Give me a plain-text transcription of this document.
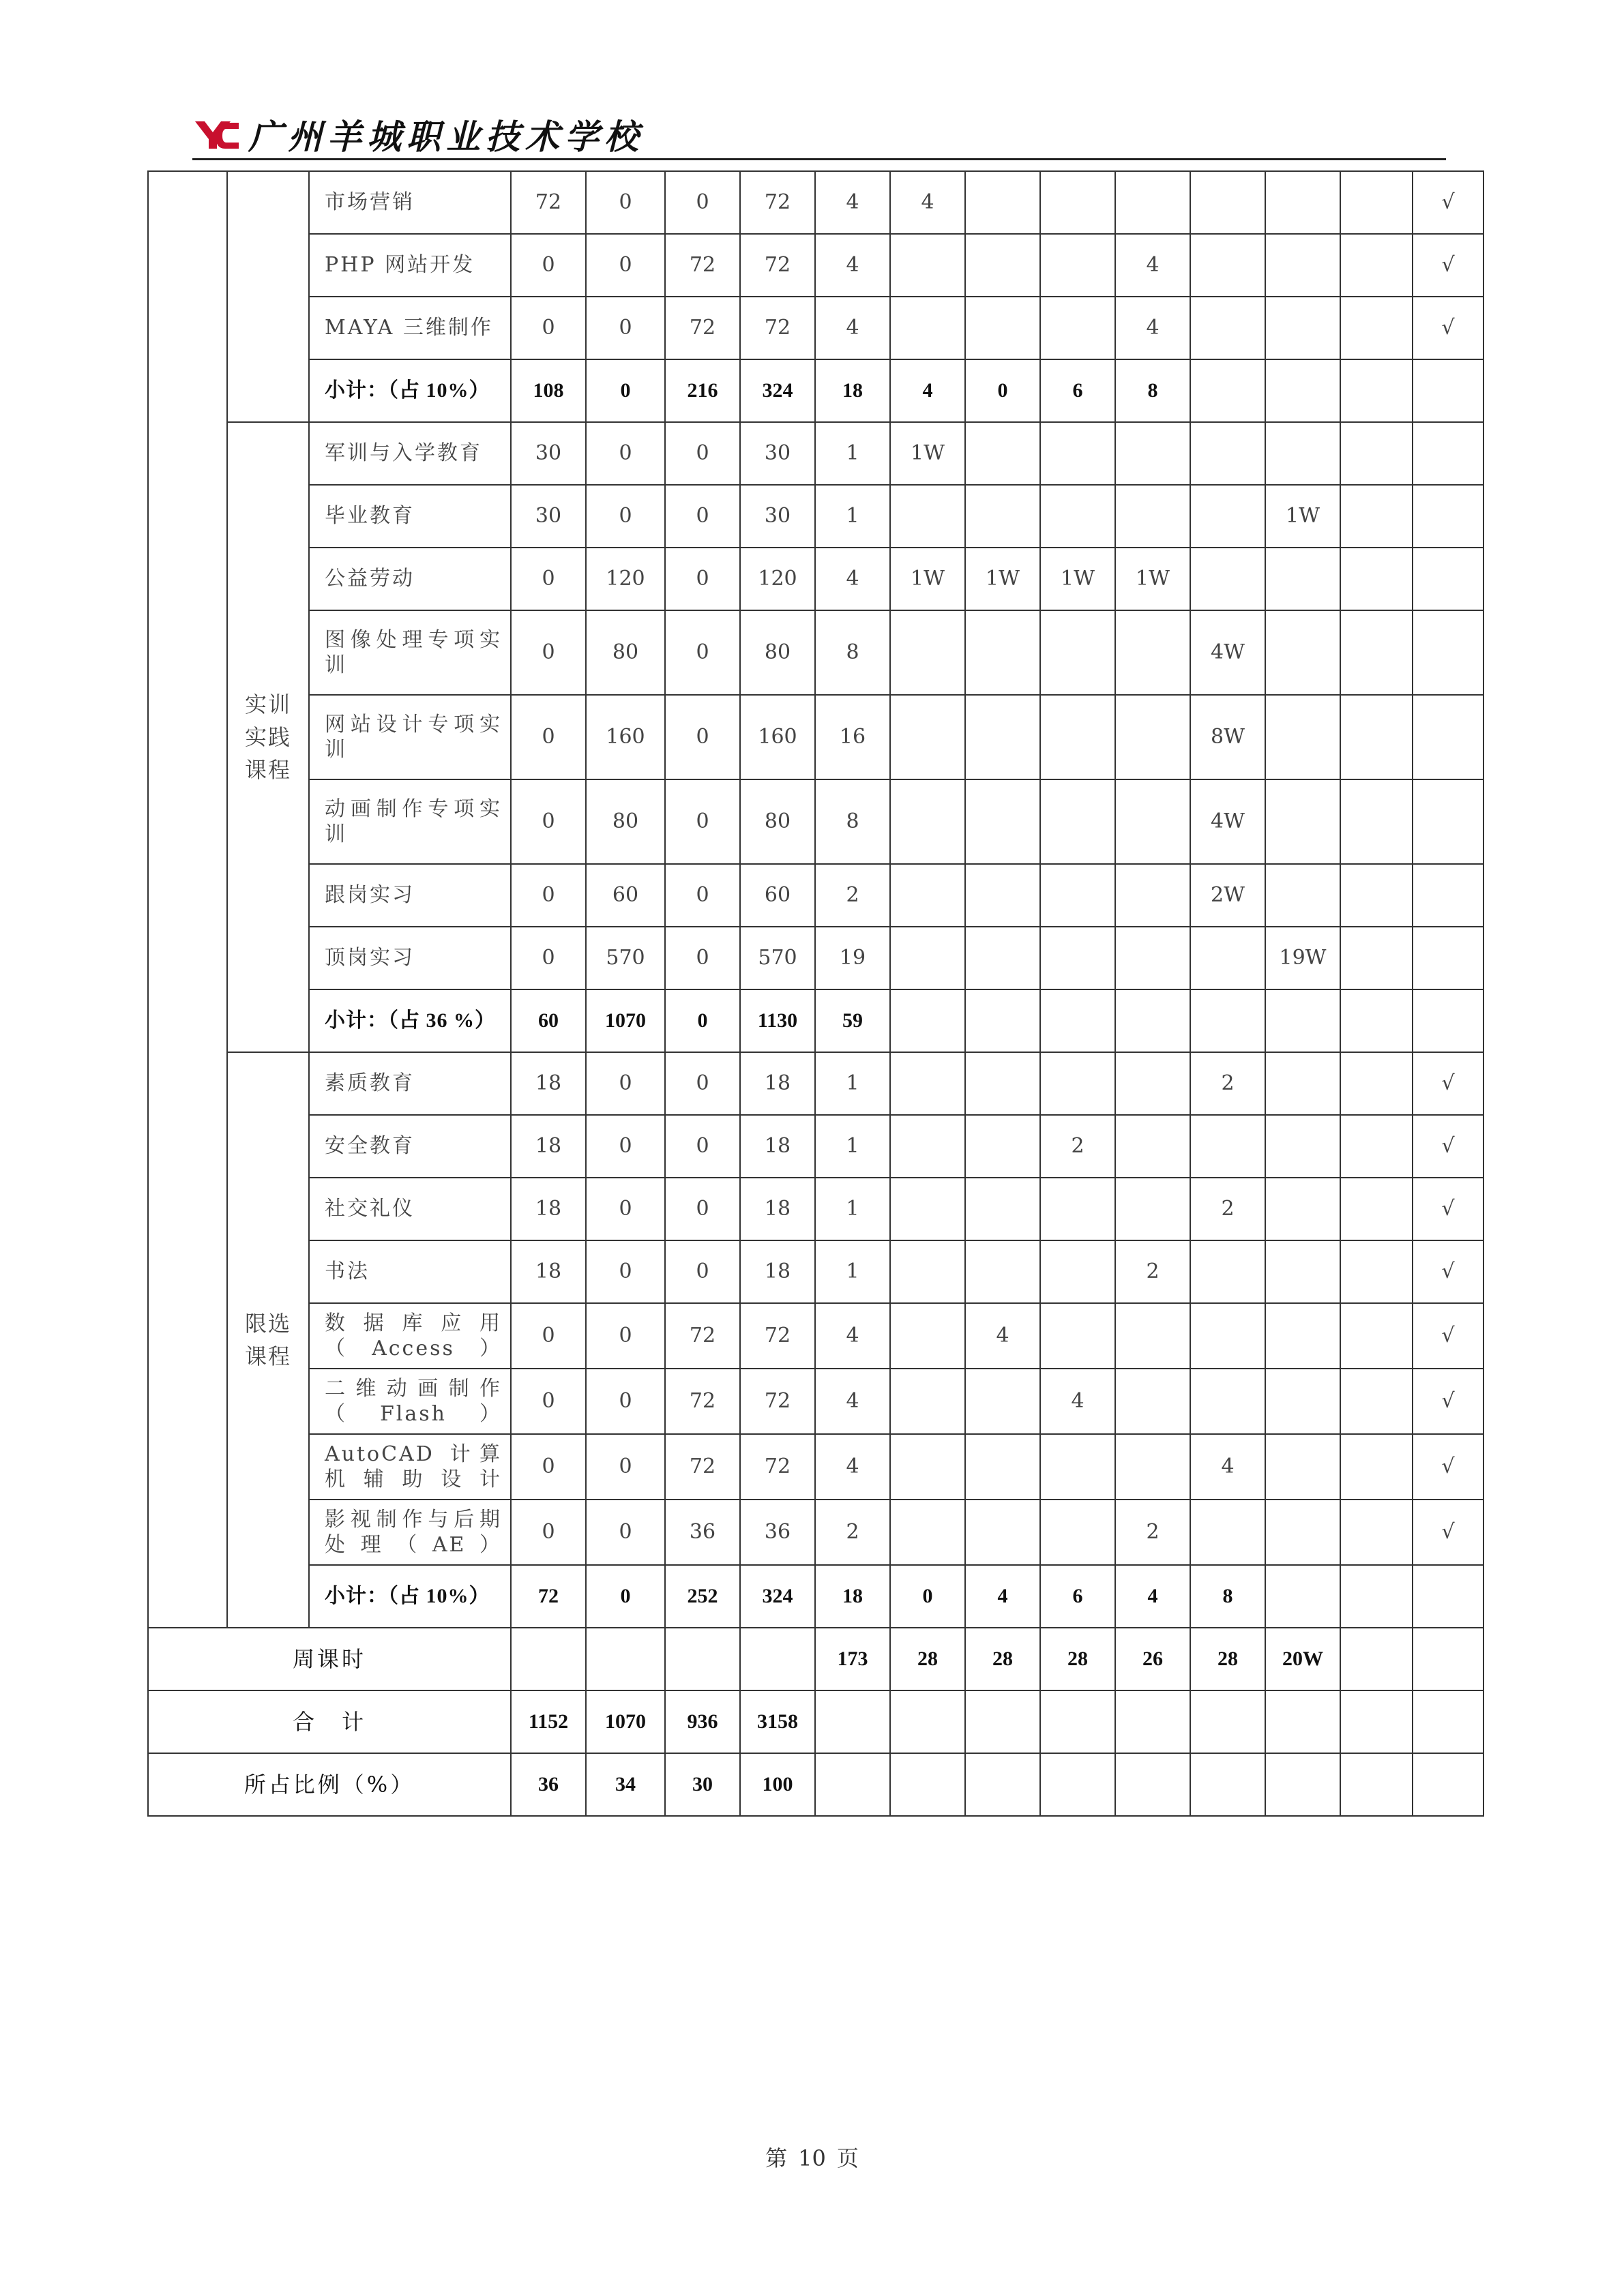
广州羊城职业技术学校
		市场营销	72	0	0	72	4	4							√
		PHP 网站开发	0	0	72	72	4				4				√
		MAYA 三维制作	0	0	72	72	4				4				√
		小计：（占 10%）	108	0	216	324	18	4	0	6	8				
	实训实践课程	军训与入学教育	30	0	0	30	1	1W							
		毕业教育	30	0	0	30	1						1W		
		公益劳动	0	120	0	120	4	1W	1W	1W	1W				
		图像处理专项实训	0	80	0	80	8					4W			
		网站设计专项实训	0	160	0	160	16					8W			
		动画制作专项实训	0	80	0	80	8					4W			
		跟岗实习	0	60	0	60	2					2W			
		顶岗实习	0	570	0	570	19						19W		
		小计：（占 36 %）	60	1070	0	1130	59								
	限选课程	素质教育	18	0	0	18	1					2			√
		安全教育	18	0	0	18	1			2					√
		社交礼仪	18	0	0	18	1					2			√
		书法	18	0	0	18	1				2				√
		数据库应用（Access）	0	0	72	72	4		4						√
		二维动画制作（Flash）	0	0	72	72	4			4					√
		AutoCAD 计算机辅助设计	0	0	72	72	4					4			√
		影视制作与后期处理（AE）	0	0	36	36	2				2				√
		小计：（占 10%）	72	0	252	324	18	0	4	6	4	8			
周课时							173	28	28	28	26	28	20W		
合　计			1152	1070	936	3158									
所占比例（%）			36	34	30	100									
第 10 页
